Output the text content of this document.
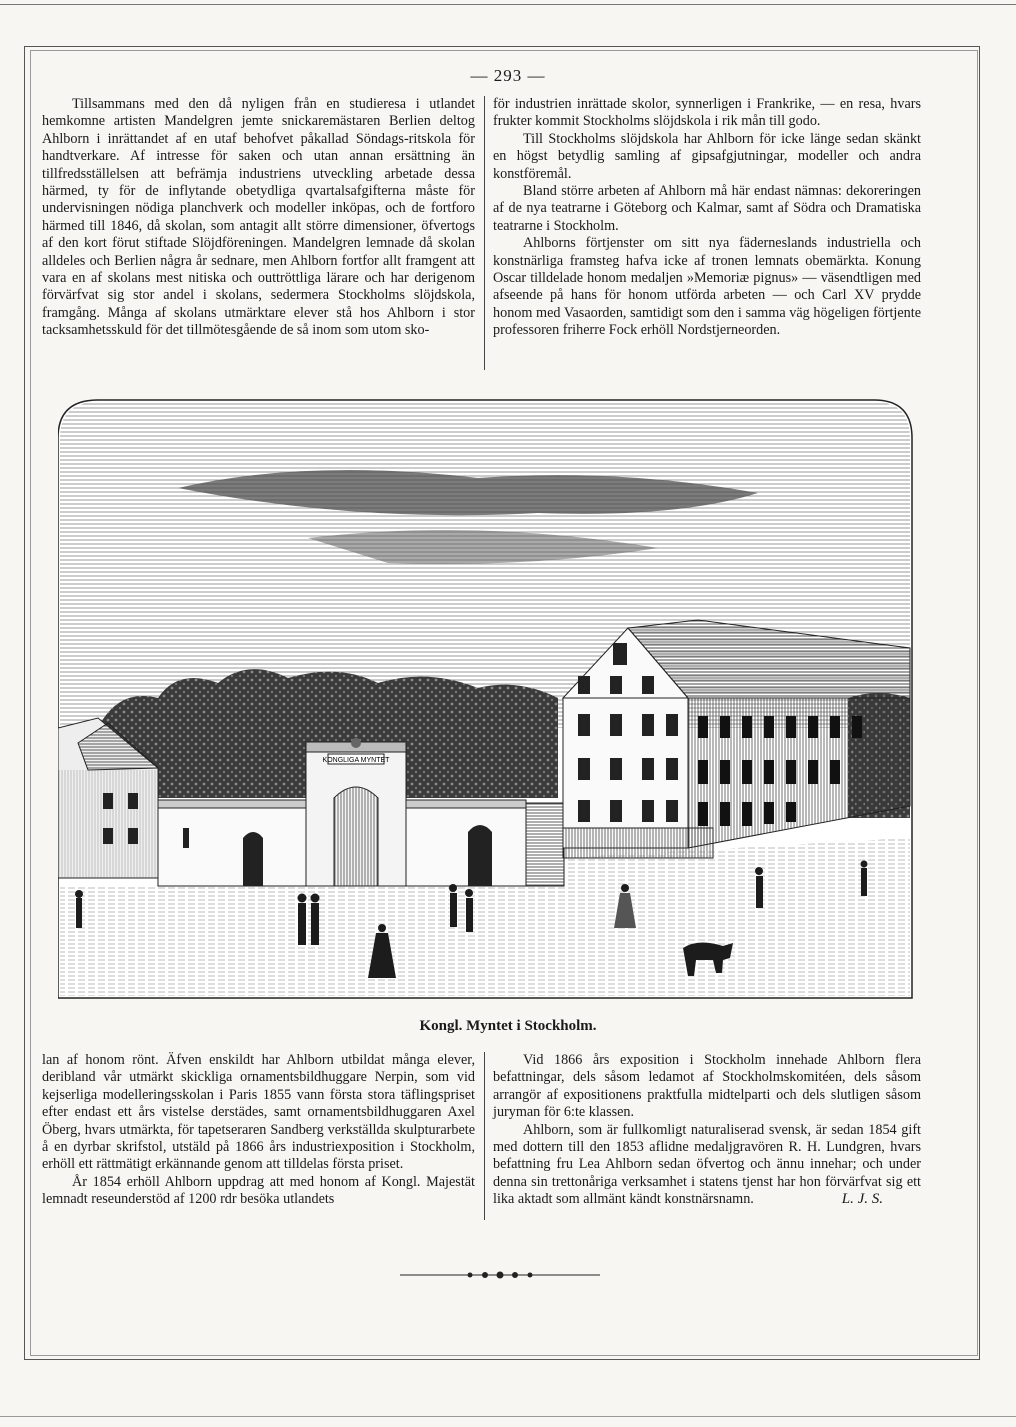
— 293 —

Tillsammans med den då nyligen från en studieresa i utlandet hemkomne artisten Mandelgren jemte snickaremästaren Berlien deltog Ahlborn i inrättandet af en utaf behofvet påkallad Söndags-ritskola för handtverkare. Af intresse för saken och utan annan ersättning än tillfredsställelsen att befrämja industriens utveckling arbetade dessa härmed, ty för de inflytande obetydliga qvartalsafgifterna måste för undervisningen nödiga planchverk och modeller inköpas, och de fortforo härmed till 1846, då skolan, som antagit allt större dimensioner, öfvertogs af den kort förut stiftade Slöjdföreningen. Mandelgren lemnade då skolan alldeles och Berlien några år sednare, men Ahlborn fortfor allt framgent att vara en af skolans mest nitiska och outtröttliga lärare och har derigenom förvärfvat sig stor andel i skolans, sedermera Stockholms slöjdskola, framgång. Många af skolans utmärktare elever stå hos Ahlborn i stor tacksamhetsskuld för det tillmötesgående de så inom som utom sko-

för industrien inrättade skolor, synnerligen i Frankrike, — en resa, hvars frukter kommit Stockholms slöjdskola i rik mån till godo.

Till Stockholms slöjdskola har Ahlborn för icke länge sedan skänkt en högst betydlig samling af gipsafgjutningar, modeller och andra konstföremål.

Bland större arbeten af Ahlborn må här endast nämnas: dekoreringen af de nya teatrarne i Göteborg och Kalmar, samt af Södra och Dramatiska teatrarne i Stockholm.

Ahlborns förtjenster om sitt nya fäderneslands industriella och konstnärliga framsteg hafva icke af tronen lemnats obemärkta. Konung Oscar tilldelade honom medaljen »Memoriæ pignus» — väsendtligen med afseende på hans för honom utförda arbeten — och Carl XV prydde honom med Vasaorden, samtidigt som den i samma väg högeligen förtjente professoren friherre Fock erhöll Nordstjerneorden.

KONGLIGA MYNTET
Kongl. Myntet i Stockholm.

lan af honom rönt. Äfven enskildt har Ahlborn utbildat många elever, deribland vår utmärkt skickliga ornamentsbildhuggare Nerpin, som vid kejserliga modelleringsskolan i Paris 1855 vann första stora täflingspriset efter endast ett års vistelse derstädes, samt ornamentsbildhuggaren Axel Öberg, hvars utmärkta, för tapetseraren Sandberg verkställda skulpturarbete å en dyrbar skrifstol, utstäld på 1866 års industriexposition i Stockholm, erhöll ett rättmätigt erkännande genom att tilldelas första priset.

År 1854 erhöll Ahlborn uppdrag att med honom af Kongl. Majestät lemnadt reseunderstöd af 1200 rdr besöka utlandets

Vid 1866 års exposition i Stockholm innehade Ahlborn flera befattningar, dels såsom ledamot af Stockholmskomitéen, dels såsom arrangör af expositionens praktfulla midtelparti och dels slutligen såsom juryman för 6:te klassen.

Ahlborn, som är fullkomligt naturaliserad svensk, är sedan 1854 gift med dottern till den 1853 aflidne medaljgravören R. H. Lundgren, hvars befattning fru Lea Ahlborn sedan öfvertog och ännu innehar; och under denna sin trettonåriga verksamhet i statens tjenst har hon förvärfvat sig ett lika aktadt som allmänt kändt konstnärsnamn.	L. J. S.
